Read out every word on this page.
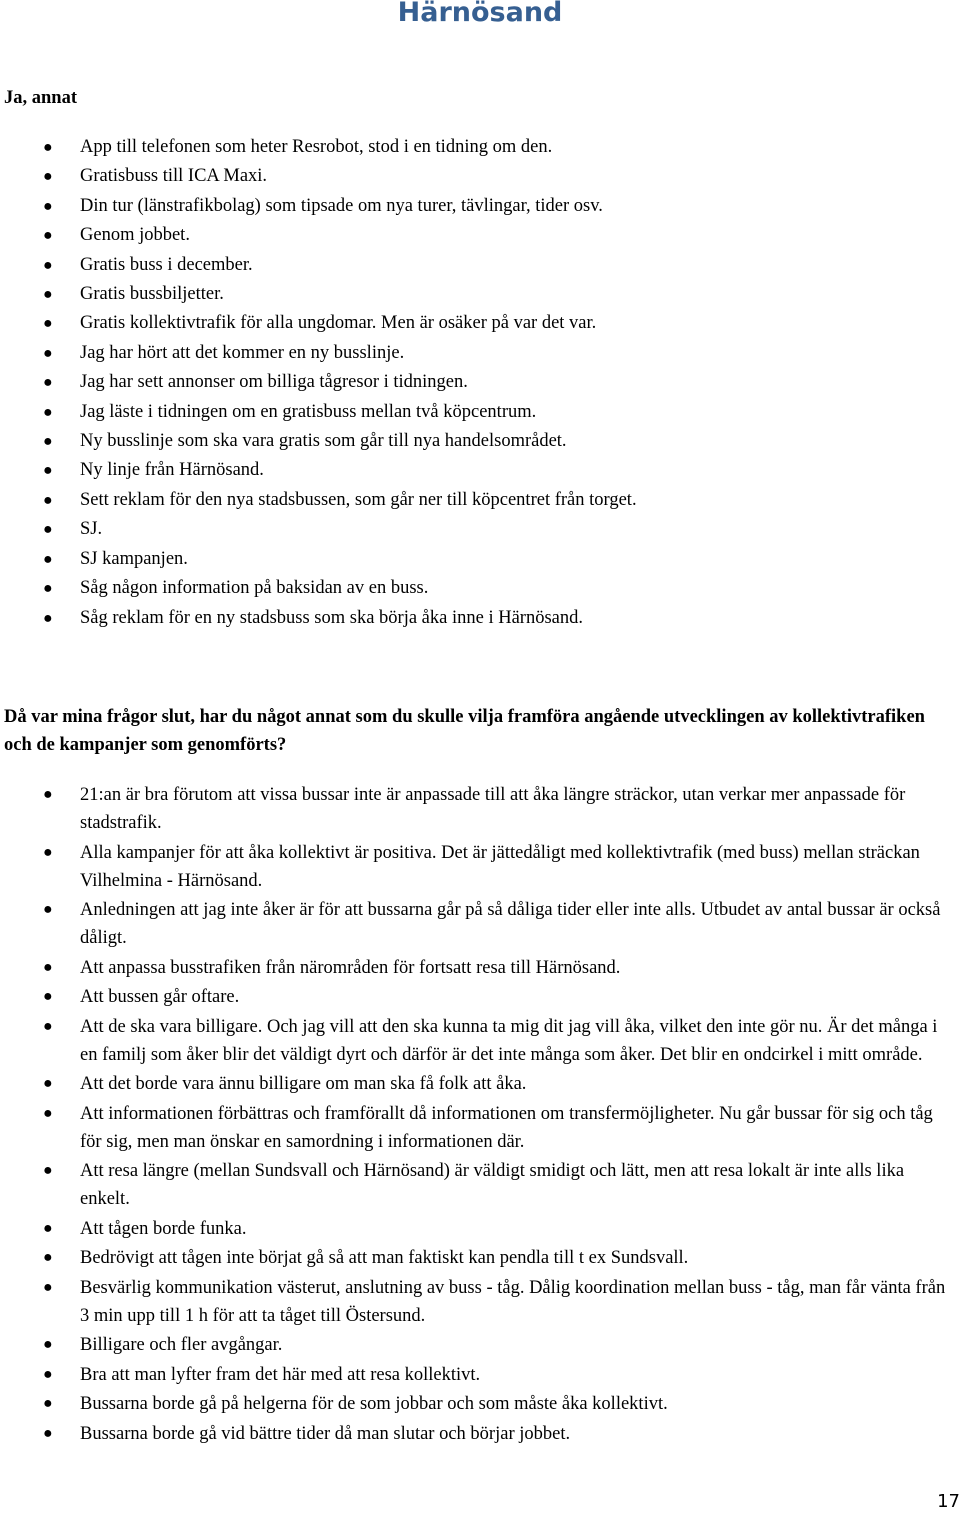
Härnösand
Ja, annat
● App till telefonen som heter Resrobot, stod i en tidning om den.
● Gratisbuss till ICA Maxi.
● Din tur (länstrafikbolag) som tipsade om nya turer, tävlingar, tider osv.
● Genom jobbet.
● Gratis buss i december.
● Gratis bussbiljetter.
● Gratis kollektivtrafik för alla ungdomar. Men är osäker på var det var.
● Jag har hört att det kommer en ny busslinje.
● Jag har sett annonser om billiga tågresor i tidningen.
● Jag läste i tidningen om en gratisbuss mellan två köpcentrum.
● Ny busslinje som ska vara gratis som går till nya handelsområdet.
● Ny linje från Härnösand.
● Sett reklam för den nya stadsbussen, som går ner till köpcentret från torget.
● SJ.
● SJ kampanjen.
● Såg någon information på baksidan av en buss.
● Såg reklam för en ny stadsbuss som ska börja åka inne i Härnösand.
Då var mina frågor slut, har du något annat som du skulle vilja framföra angående utvecklingen av kollektivtrafiken och de kampanjer som genomförts?
● 21:an är bra förutom att vissa bussar inte är anpassade till att åka längre sträckor, utan verkar mer anpassade för stadstrafik.
● Alla kampanjer för att åka kollektivt är positiva. Det är jättedåligt med kollektivtrafik (med buss) mellan sträckan Vilhelmina - Härnösand.
● Anledningen att jag inte åker är för att bussarna går på så dåliga tider eller inte alls. Utbudet av antal bussar är också dåligt.
● Att anpassa busstrafiken från närområden för fortsatt resa till Härnösand.
● Att bussen går oftare.
● Att de ska vara billigare. Och jag vill att den ska kunna ta mig dit jag vill åka, vilket den inte gör nu. Är det många i en familj som åker blir det väldigt dyrt och därför är det inte många som åker. Det blir en ondcirkel i mitt område.
● Att det borde vara ännu billigare om man ska få folk att åka.
● Att informationen förbättras och framförallt då informationen om transfermöjligheter. Nu går bussar för sig och tåg för sig, men man önskar en samordning i informationen där.
● Att resa längre (mellan Sundsvall och Härnösand) är väldigt smidigt och lätt, men att resa lokalt är inte alls lika enkelt.
● Att tågen borde funka.
● Bedrövigt att tågen inte börjat gå så att man faktiskt kan pendla till t ex Sundsvall.
● Besvärlig kommunikation västerut, anslutning av buss - tåg. Dålig koordination mellan buss - tåg, man får vänta från 3 min upp till 1 h för att ta tåget till Östersund.
● Billigare och fler avgångar.
● Bra att man lyfter fram det här med att resa kollektivt.
● Bussarna borde gå på helgerna för de som jobbar och som måste åka kollektivt.
● Bussarna borde gå vid bättre tider då man slutar och börjar jobbet.
17
